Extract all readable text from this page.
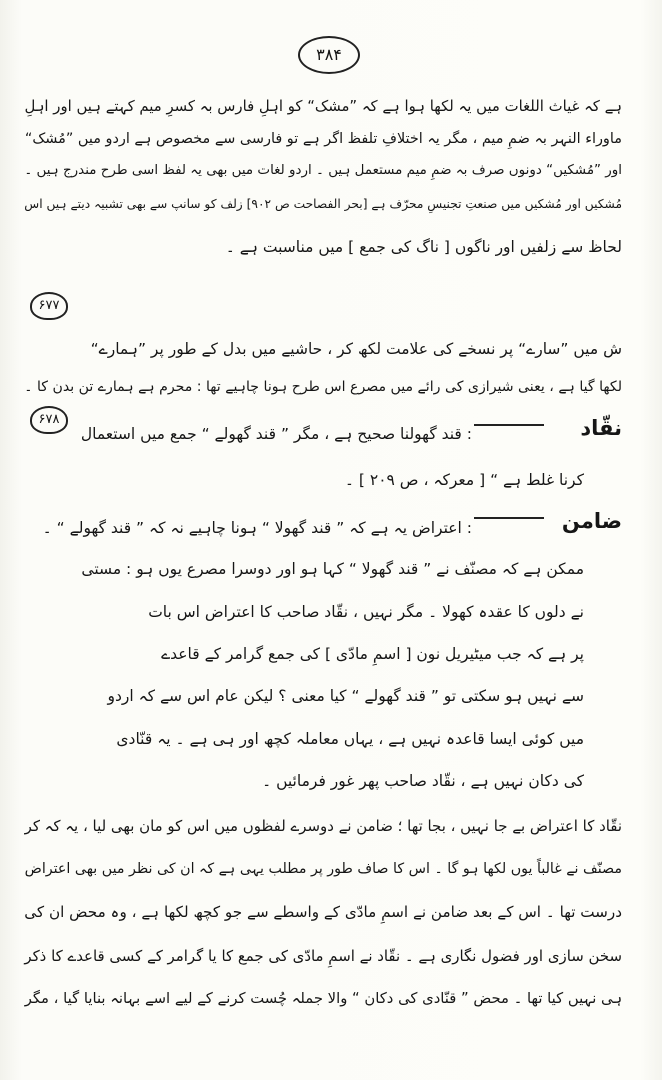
۳۸۴
ہے کہ غیاث اللغات میں یہ لکھا ہوا ہے کہ ”مشک“ کو اہلِ فارس بہ کسرِ میم کہتے ہیں اور اہلِ
ماوراء النہر بہ ضمِ میم ، مگر یہ اختلافِ تلفظ اگر ہے تو فارسی سے مخصوص ہے اردو میں ”مُشک“
اور ”مُشکیں“ دونوں صرف بہ ضمِ میم مستعمل ہیں ۔ اردو لغات میں بھی یہ لفظ اسی طرح مندرج ہیں ۔
مُشکیں اور مُشکیں میں صنعتِ تجنیسِ محرّف ہے [بحر الفصاحت ص ۹۰۲] زلف کو سانپ سے بھی تشبیہ دیتے ہیں اس
لحاظ سے زلفیں اور ناگوں [ ناگ کی جمع ] میں مناسبت ہے ۔
۶۷۷
ش میں ”سارے“ پر نسخے کی علامت لکھ کر ، حاشیے میں بدل کے طور پر ”ہمارے“
لکھا گیا ہے ، یعنی شیرازی کی رائے میں مصرع اس طرح ہونا چاہیے تھا : محرم ہے ہمارے تن بدن کا ۔
۶۷۸	نقّاد
: قند گھولنا صحیح ہے ، مگر ” قند گھولے “ جمع میں استعمال
کرنا غلط ہے “ [ معرکہ ، ص ۲۰۹ ] ۔
ضامن
: اعتراض یہ ہے کہ ” قند گھولا “ ہونا چاہیے نہ کہ ” قند گھولے “ ۔
ممکن ہے کہ مصنّف نے ” قند گھولا “ کہا ہو اور دوسرا مصرع یوں ہو : مستی
نے دلوں کا عقدہ کھولا ۔ مگر نہیں ، نقّاد صاحب کا اعتراض اس بات
پر ہے کہ جب میٹیریل نون [ اسمِ مادّی ] کی جمع گرامر کے قاعدے
سے نہیں ہو سکتی تو ” قند گھولے “ کیا معنی ؟ لیکن عام اس سے کہ اردو
میں کوئی ایسا قاعدہ نہیں ہے ، یہاں معاملہ کچھ اور ہی ہے ۔ یہ قنّادی
کی دکان نہیں ہے ، نقّاد صاحب پھر غور فرمائیں ۔
نقّاد کا اعتراض بے جا نہیں ، بجا تھا ؛ ضامن نے دوسرے لفظوں میں اس کو مان بھی لیا ، یہ کہ کر
مصنّف نے غالباً یوں لکھا ہو گا ۔ اس کا صاف طور پر مطلب یہی ہے کہ ان کی نظر میں بھی اعتراض
درست تھا ۔ اس کے بعد ضامن نے اسمِ مادّی کے واسطے سے جو کچھ لکھا ہے ، وہ محض ان کی
سخن سازی اور فضول نگاری ہے ۔ نقّاد نے اسمِ مادّی کی جمع کا یا گرامر کے کسی قاعدے کا ذکر
ہی نہیں کیا تھا ۔ محض ” قنّادی کی دکان “ والا جملہ چُست کرنے کے لیے اسے بہانہ بنایا گیا ، مگر
